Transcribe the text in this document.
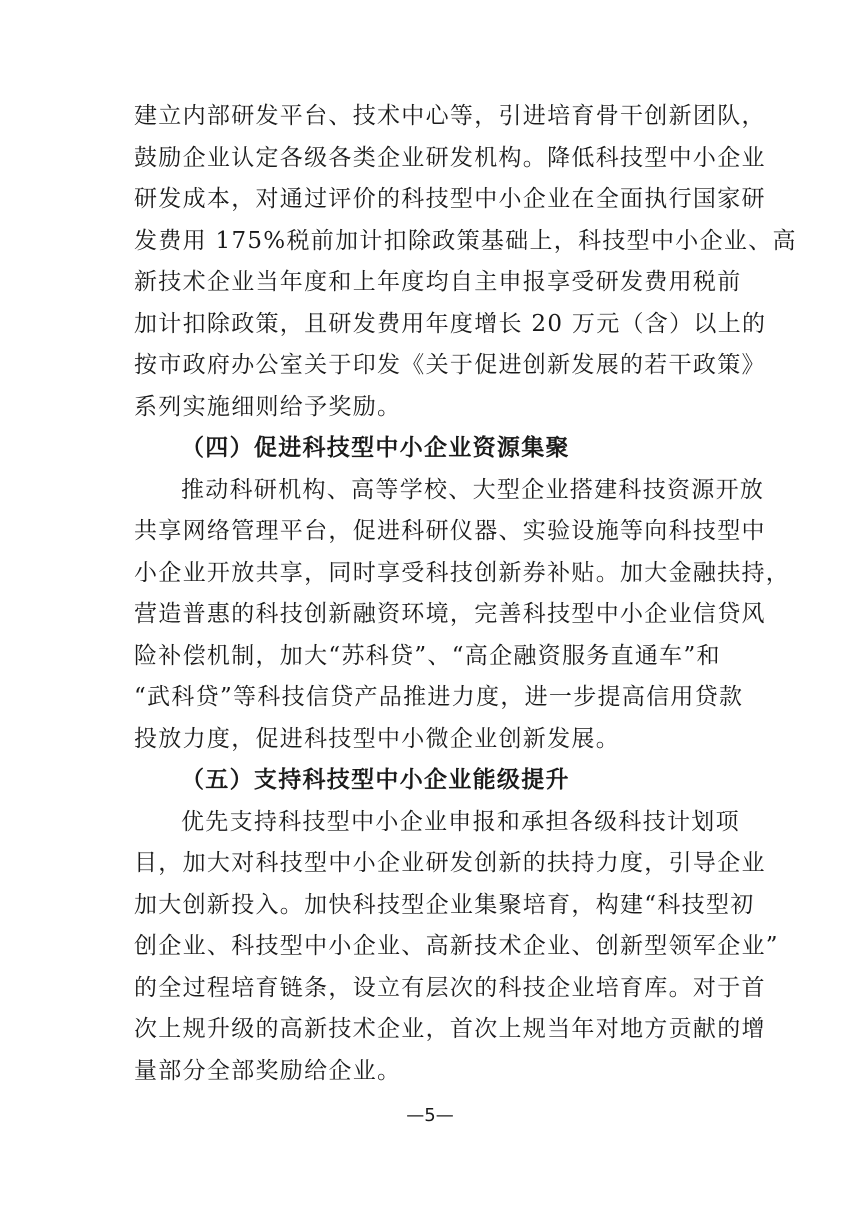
建立内部研发平台、技术中心等，引进培育骨干创新团队，
鼓励企业认定各级各类企业研发机构。降低科技型中小企业
研发成本，对通过评价的科技型中小企业在全面执行国家研
发费用 175%税前加计扣除政策基础上，科技型中小企业、高
新技术企业当年度和上年度均自主申报享受研发费用税前
加计扣除政策，且研发费用年度增长 20 万元（含）以上的
按市政府办公室关于印发《关于促进创新发展的若干政策》
系列实施细则给予奖励。
（四）促进科技型中小企业资源集聚
推动科研机构、高等学校、大型企业搭建科技资源开放
共享网络管理平台，促进科研仪器、实验设施等向科技型中
小企业开放共享，同时享受科技创新券补贴。加大金融扶持，
营造普惠的科技创新融资环境，完善科技型中小企业信贷风
险补偿机制，加大“苏科贷”、“高企融资服务直通车”和
“武科贷”等科技信贷产品推进力度，进一步提高信用贷款
投放力度，促进科技型中小微企业创新发展。
（五）支持科技型中小企业能级提升
优先支持科技型中小企业申报和承担各级科技计划项
目，加大对科技型中小企业研发创新的扶持力度，引导企业
加大创新投入。加快科技型企业集聚培育，构建“科技型初
创企业、科技型中小企业、高新技术企业、创新型领军企业”
的全过程培育链条，设立有层次的科技企业培育库。对于首
—5—
次上规升级的高新技术企业，首次上规当年对地方贡献的增
量部分全部奖励给企业。
